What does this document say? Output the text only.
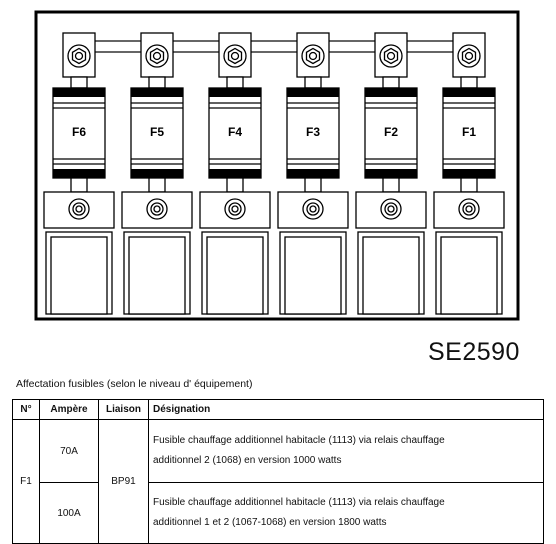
F6	F5	F4	F3	F2	F1
SE2590
Affectation fusibles (selon le niveau d' équipement)
N°	Ampère	Liaison	Désignation
F1	70A	BP91	Fusible chauffage additionnel habitacle (1113) via relais chauffage
additionnel 2 (1068) en version 1000 watts

	100A		Fusible chauffage additionnel habitacle (1113) via relais chauffage
additionnel 1 et 2 (1067-1068) en version 1800 watts
